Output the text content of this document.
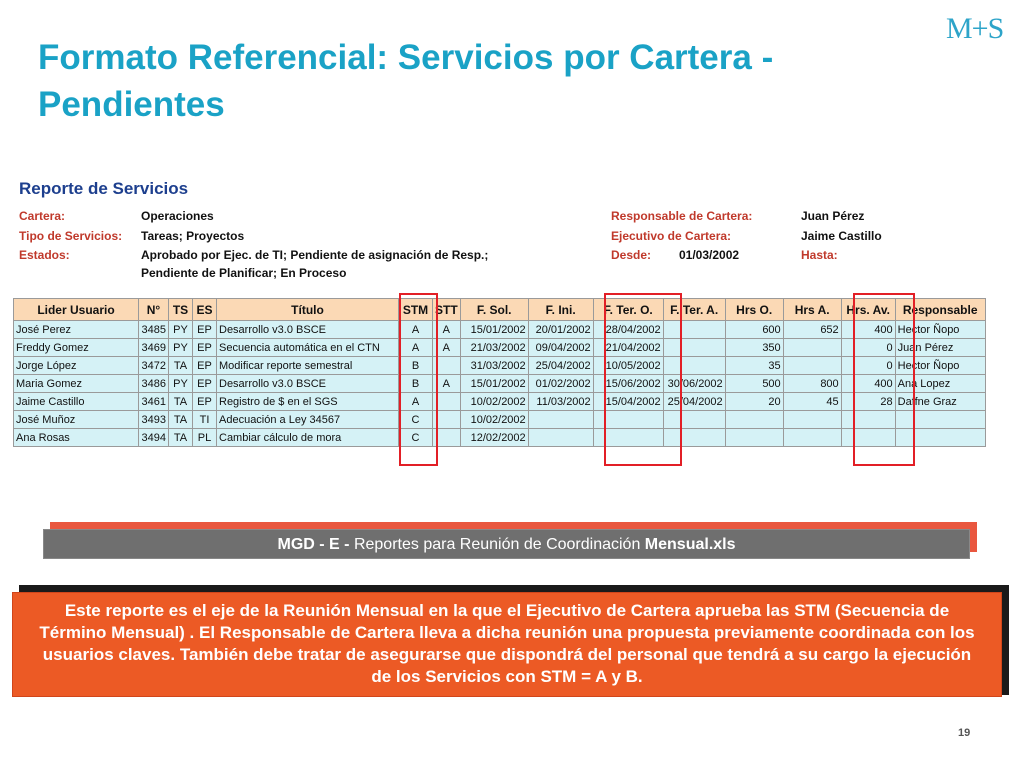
Formato Referencial: Servicios por Cartera - Pendientes
M+S
Reporte de Servicios
Cartera:	Operaciones
Tipo de Servicios: Tareas; Proyectos
Estados:	Aprobado por Ejec. de TI; Pendiente de asignación de Resp.;
Pendiente de Planificar; En Proceso
Responsable de Cartera:	Juan Pérez
Ejecutivo de Cartera:	Jaime Castillo
Desde: 01/03/2002	Hasta:
Lider Usuario	N°	TS	ES	Título	STM	STT	F. Sol.	F. Ini.	F. Ter. O.	F. Ter. A.	Hrs O.	Hrs A.	Hrs. Av.	Responsable
José Perez	3485	PY	EP	Desarrollo v3.0 BSCE	A	A	15/01/2002	20/01/2002	28/04/2002		600	652	400	Hector Ñopo
Freddy Gomez	3469	PY	EP	Secuencia automática en el CTN	A	A	21/03/2002	09/04/2002	21/04/2002		350		0	Juan Pérez
Jorge López	3472	TA	EP	Modificar reporte semestral	B		31/03/2002	25/04/2002	10/05/2002		35		0	Hector Ñopo
Maria Gomez	3486	PY	EP	Desarrollo v3.0 BSCE	B	A	15/01/2002	01/02/2002	15/06/2002	30/06/2002	500	800	400	Ana Lopez
Jaime Castillo	3461	TA	EP	Registro de $ en el SGS	A		10/02/2002	11/03/2002	15/04/2002	25/04/2002	20	45	28	Daffne Graz
José Muñoz	3493	TA	TI	Adecuación a Ley 34567	C		10/02/2002							
Ana Rosas	3494	TA	PL	Cambiar cálculo de mora	C		12/02/2002							
MGD - E - Reportes para Reunión de Coordinación Mensual.xls
Este reporte es el eje de la Reunión Mensual en la que el Ejecutivo de Cartera aprueba las STM (Secuencia de Término Mensual) . El Responsable de Cartera lleva a dicha reunión una propuesta previamente coordinada con los usuarios claves. También debe tratar de asegurarse que dispondrá del personal que tendrá a su cargo la ejecución de los Servicios con STM = A y B.
19
